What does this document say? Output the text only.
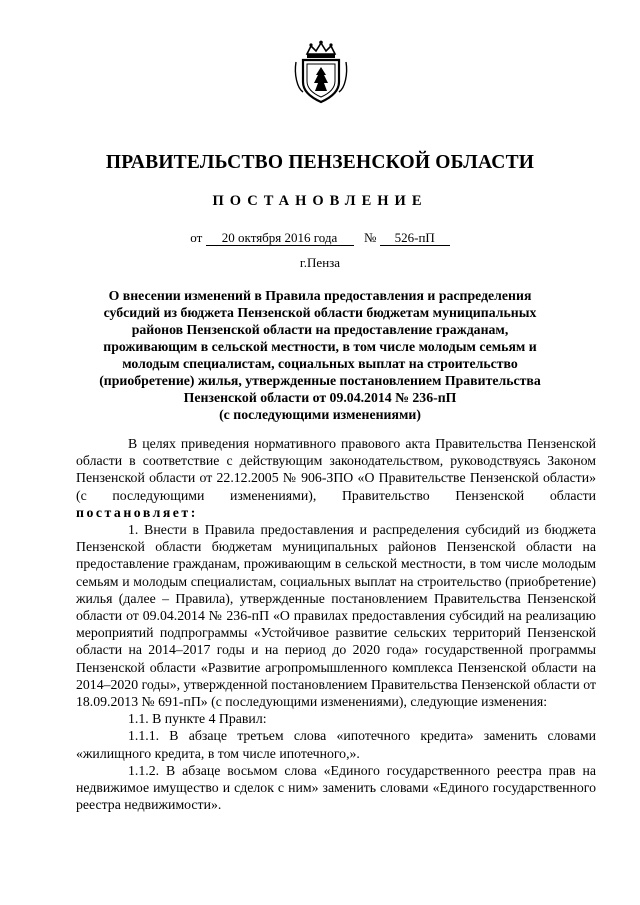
ПРАВИТЕЛЬСТВО ПЕНЗЕНСКОЙ ОБЛАСТИ
ПОСТАНОВЛЕНИЕ
от 20 октября 2016 года № 526-пП
г.Пенза
О внесении изменений в Правила предоставления и распределения
субсидий из бюджета Пензенской области бюджетам муниципальных
районов Пензенской области на предоставление гражданам,
проживающим в сельской местности, в том числе молодым семьям и
молодым специалистам, социальных выплат на строительство
(приобретение) жилья, утвержденные постановлением Правительства
Пензенской области от 09.04.2014 № 236-пП
(с последующими изменениями)

В целях приведения нормативного правового акта Правительства Пензенской области в соответствие с действующим законодательством, руководствуясь Законом Пензенской области от 22.12.2005 № 906-ЗПО «О Правительстве Пензенской области» (с последующими изменениями), Правительство Пензенской области постановляет:

1. Внести в Правила предоставления и распределения субсидий из бюджета Пензенской области бюджетам муниципальных районов Пензенской области на предоставление гражданам, проживающим в сельской местности, в том числе молодым семьям и молодым специалистам, социальных выплат на строительство (приобретение) жилья (далее – Правила), утвержденные постановлением Правительства Пензенской области от 09.04.2014 № 236-пП «О правилах предоставления субсидий на реализацию мероприятий подпрограммы «Устойчивое развитие сельских территорий Пензенской области на 2014–2017 годы и на период до 2020 года» государственной программы Пензенской области «Развитие агропромышленного комплекса Пензенской области на 2014–2020 годы», утвержденной постановлением Правительства Пензенской области от 18.09.2013 № 691-пП» (с последующими изменениями), следующие изменения:

1.1. В пункте 4 Правил:

1.1.1. В абзаце третьем слова «ипотечного кредита» заменить словами «жилищного кредита, в том числе ипотечного,».

1.1.2. В абзаце восьмом слова «Единого государственного реестра прав на недвижимое имущество и сделок с ним» заменить словами «Единого государственного реестра недвижимости».
